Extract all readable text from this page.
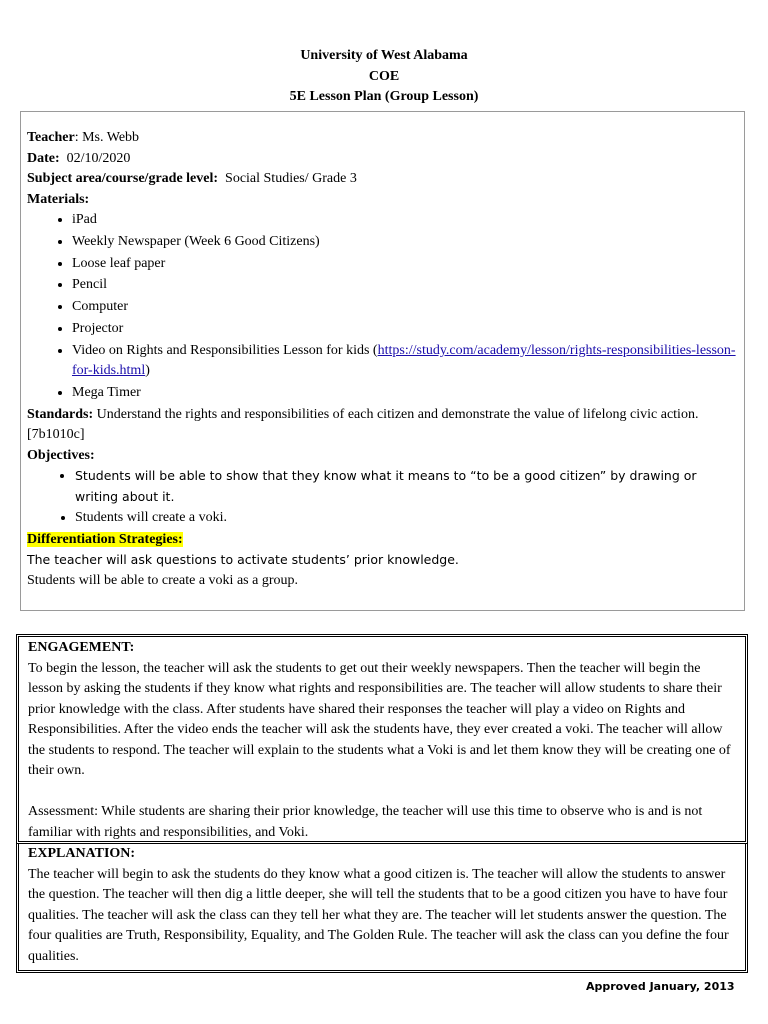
University of West Alabama
COE
5E Lesson Plan (Group Lesson)

Teacher: Ms. Webb

Date: 02/10/2020

Subject area/course/grade level: Social Studies/ Grade 3

Materials:

• iPad
• Weekly Newspaper (Week 6 Good Citizens)
• Loose leaf paper
• Pencil
• Computer
• Projector
• Video on Rights and Responsibilities Lesson for kids (https://study.com/academy/lesson/rights-responsibilities-lesson-for-kids.html)
• Mega Timer

Standards: Understand the rights and responsibilities of each citizen and demonstrate the value of lifelong civic action. [7b1010c]

Objectives:

• Students will be able to show that they know what it means to “to be a good citizen” by drawing or writing about it.
• Students will create a voki.

Differentiation Strategies:

The teacher will ask questions to activate students’ prior knowledge.

Students will be able to create a voki as a group.

ENGAGEMENT:

To begin the lesson, the teacher will ask the students to get out their weekly newspapers. Then the teacher will begin the lesson by asking the students if they know what rights and responsibilities are. The teacher will allow students to share their prior knowledge with the class. After students have shared their responses the teacher will play a video on Rights and Responsibilities. After the video ends the teacher will ask the students have, they ever created a voki. The teacher will allow the students to respond. The teacher will explain to the students what a Voki is and let them know they will be creating one of their own.

Assessment: While students are sharing their prior knowledge, the teacher will use this time to observe who is and is not familiar with rights and responsibilities, and Voki.

EXPLANATION:

The teacher will begin to ask the students do they know what a good citizen is. The teacher will allow the students to answer the question. The teacher will then dig a little deeper, she will tell the students that to be a good citizen you have to have four qualities. The teacher will ask the class can they tell her what they are. The teacher will let students answer the question. The four qualities are Truth, Responsibility, Equality, and The Golden Rule. The teacher will ask the class can you define the four qualities.

Approved January, 2013
